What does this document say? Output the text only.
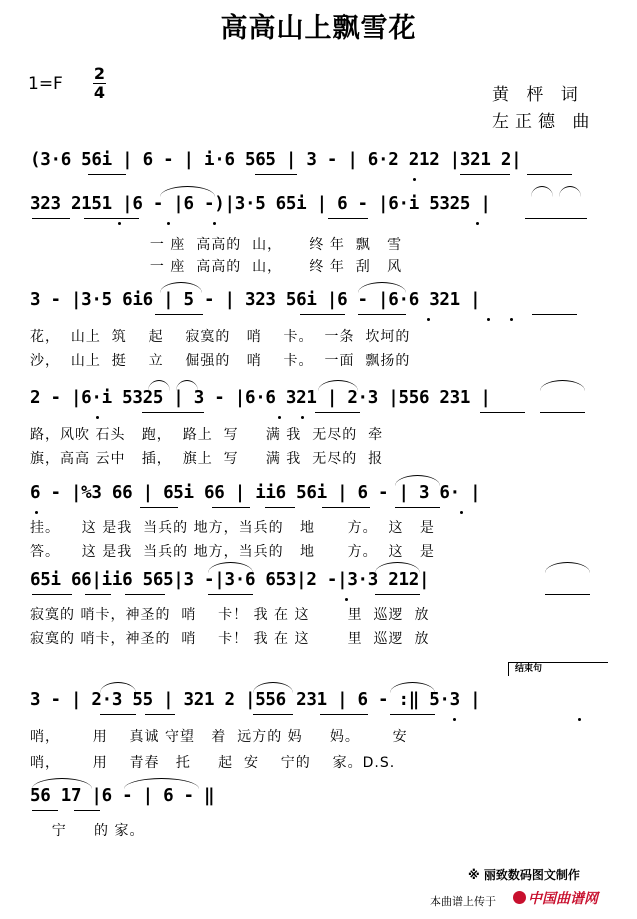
高高山上飘雪花
1=F
2
4	黄 枰 词
左正德 曲
(3·6 56i | 6 - | i·6 565 | 3 - | 6·2 212 |321 2|
323 2151 |6 - |6 -)|3·5 65i | 6 - |6·i 5325 |
一 座  高高的  山，     终 年  飘   雪
一 座  高高的  山，     终 年  刮   风
3 - |3·5 6i6 | 5 - | 323 56i |6 - |6·6 321 |
花，  山上  筑    起    寂寞的   哨    卡。  一条  坎坷的
沙，  山上  挺    立    倔强的   哨    卡。  一面  飘扬的
2 - |6·i 5325 | 3 - |6·6 321 | 2·3 |556 231 |
路，风吹 石头   跑，  路上  写     满 我  无尽的  牵
旗，高高 云中   插，  旗上  写     满 我  无尽的  报
6 - |%3 66 | 65i 66 | ii6 56i | 6 - | 3 6· |
挂。    这 是我  当兵的 地方，当兵的   地      方。  这   是
答。    这 是我  当兵的 地方，当兵的   地      方。  这   是
65i 66|ii6 565|3 -|3·6 653|2 -|3·3 212|
寂寞的 哨卡，神圣的  哨    卡！ 我 在 这       里  巡逻  放
寂寞的 哨卡，神圣的  哨    卡！ 我 在 这       里  巡逻  放
结束句
3 - | 2·3 55 | 321 2 |556 231 | 6 - :‖ 5·3 |
哨，      用    真诚 守望   着  远方的 妈     妈。      安
哨，      用    青春   托     起  安    宁的    家。D.S.
56 17 |6 - | 6 - ‖
宁     的 家。
※ 丽致数码图文制作
本曲谱上传于 中国曲谱网
